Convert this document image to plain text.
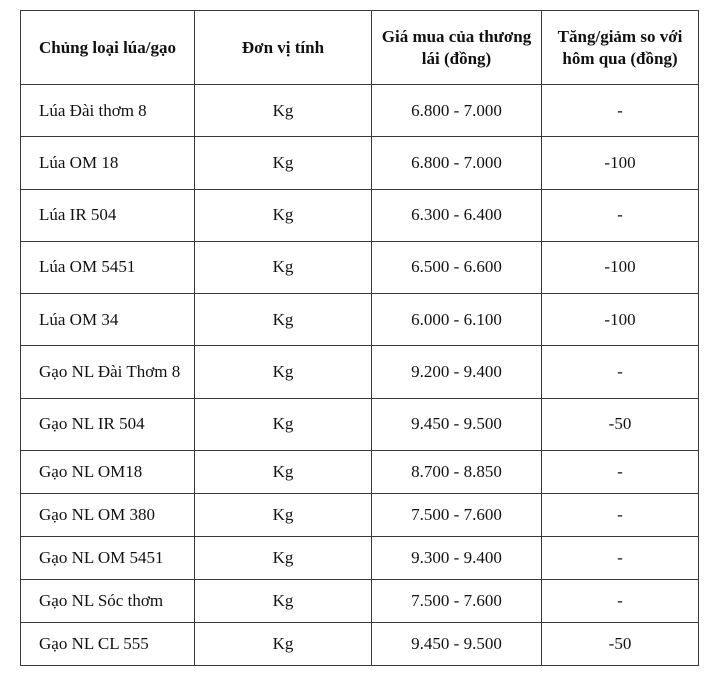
Chủng loại lúa/gạo	Đơn vị tính	Giá mua của thương lái (đồng)	Tăng/giảm so với hôm qua (đồng)
Lúa Đài thơm 8	Kg	6.800 - 7.000	-
Lúa OM 18	Kg	6.800 - 7.000	-100
Lúa IR 504	Kg	6.300 - 6.400	-
Lúa OM 5451	Kg	6.500 - 6.600	-100
Lúa OM 34	Kg	6.000 - 6.100	-100
Gạo NL Đài Thơm 8	Kg	9.200 - 9.400	-
Gạo NL IR 504	Kg	9.450 - 9.500	-50
Gạo NL OM18	Kg	8.700 - 8.850	-
Gạo NL OM 380	Kg	7.500 - 7.600	-
Gạo NL OM 5451	Kg	9.300 - 9.400	-
Gạo NL Sóc thơm	Kg	7.500 - 7.600	-
Gạo NL CL 555	Kg	9.450 - 9.500	-50
